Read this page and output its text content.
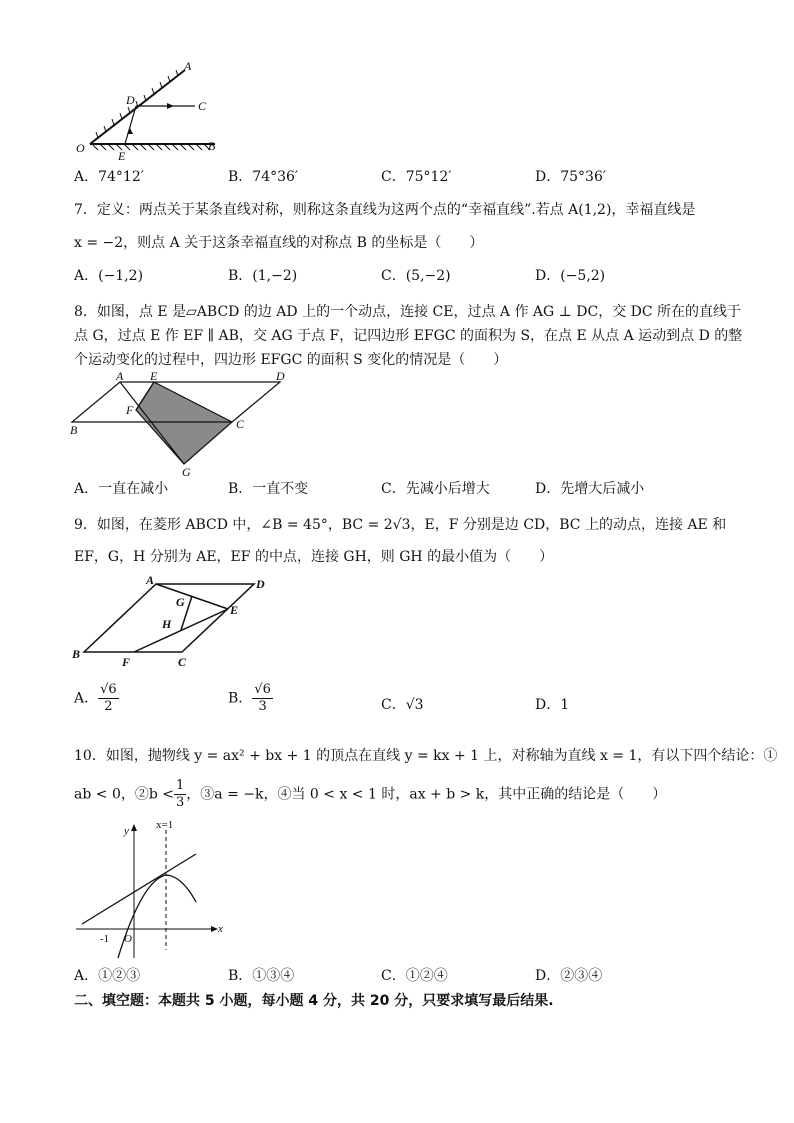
A
D	C
O
E
B
A．74°12′	B．74°36′	C．75°12′	D．75°36′
7．定义：两点关于某条直线对称，则称这条直线为这两个点的“幸福直线”.若点 A(1,2)，幸福直线是
x = −2，则点 A 关于这条幸福直线的对称点 B 的坐标是（　　）
A．(−1,2)	B．(1,−2)	C．(5,−2)	D．(−5,2)
8．如图，点 E 是▱ABCD 的边 AD 上的一个动点，连接 CE，过点 A 作 AG ⊥ DC，交 DC 所在的直线于
点 G，过点 E 作 EF ∥ AB，交 AG 于点 F，记四边形 EFGC 的面积为 S，在点 E 从点 A 运动到点 D 的整
个运动变化的过程中，四边形 EFGC 的面积 S 变化的情况是（　　）
A E	D
F
B	C
G
A．一直在减小	B．一直不变	C．先减小后增大	D．先增大后减小
9．如图，在菱形 ABCD 中，∠B = 45°，BC = 2√3，E，F 分别是边 CD，BC 上的动点，连接 AE 和
EF，G，H 分别为 AE，EF 的中点，连接 GH，则 GH 的最小值为（　　）
A	D
G
E
H
B
F	C
A． $\frac{√6}{2}$	B． $\frac{√6}{3}$	C．√3	D．1
10．如图，抛物线 y = ax² + bx + 1 的顶点在直线 y = kx + 1 上，对称轴为直线 x = 1，有以下四个结论：①
ab < 0，②b < $\frac{1}{3}$ ，③a = −k，④当 0 < x < 1 时，ax + b > k，其中正确的结论是（　　）
y x=1
x
-1 O
A．①②③	B．①③④	C．①②④	D．②③④
二、填空题：本题共 5 小题，每小题 4 分，共 20 分，只要求填写最后结果.
